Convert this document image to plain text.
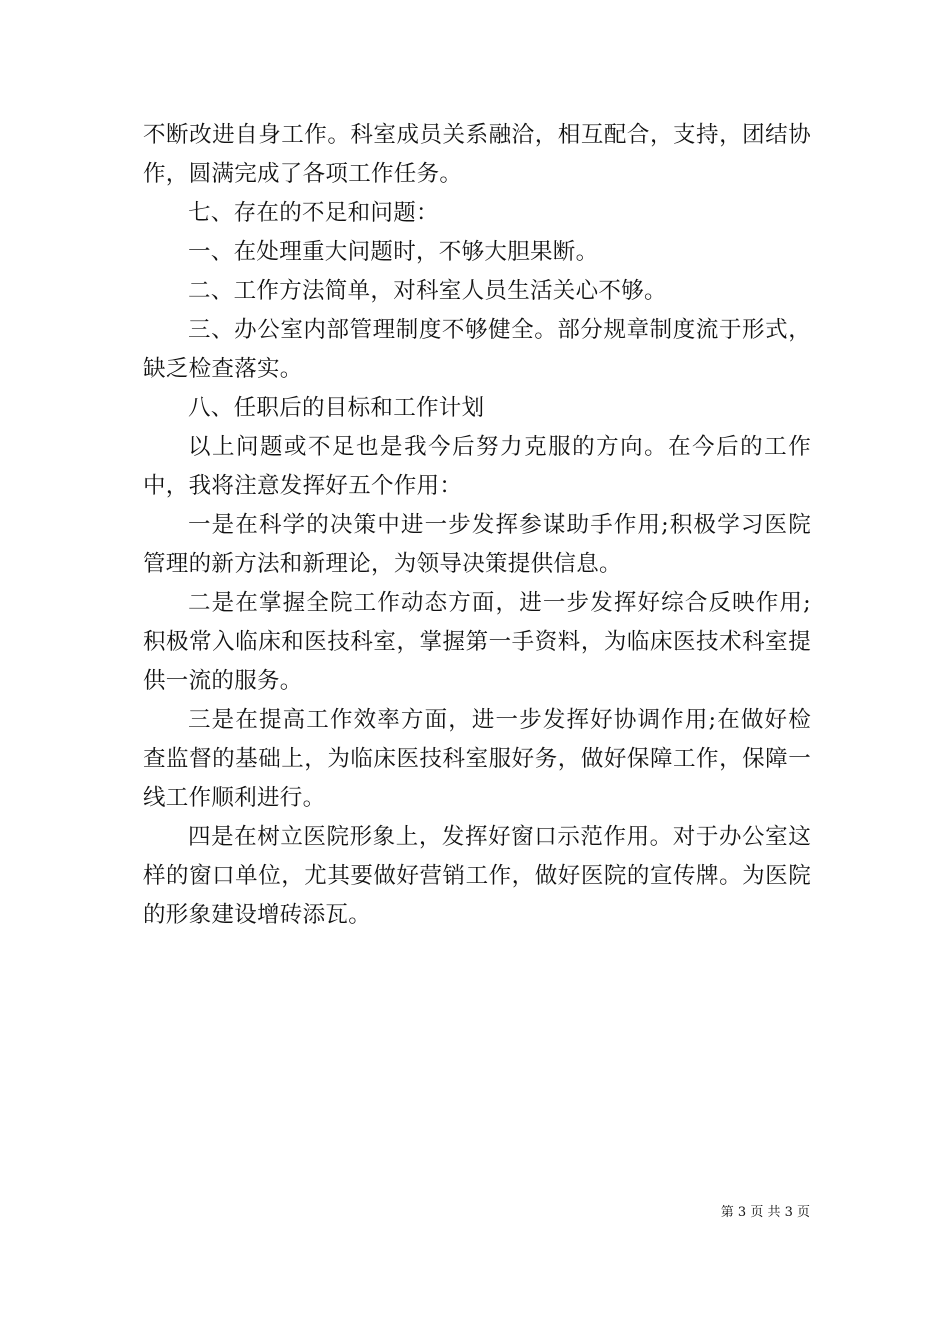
不断改进自身工作。科室成员关系融洽，相互配合，支持，团结协作，圆满完成了各项工作任务。

七、存在的不足和问题：

一、在处理重大问题时，不够大胆果断。

二、工作方法简单，对科室人员生活关心不够。

三、办公室内部管理制度不够健全。部分规章制度流于形式，缺乏检查落实。

八、任职后的目标和工作计划

以上问题或不足也是我今后努力克服的方向。在今后的工作中，我将注意发挥好五个作用：

一是在科学的决策中进一步发挥参谋助手作用;积极学习医院管理的新方法和新理论，为领导决策提供信息。

二是在掌握全院工作动态方面，进一步发挥好综合反映作用;积极常入临床和医技科室，掌握第一手资料，为临床医技术科室提供一流的服务。

三是在提高工作效率方面，进一步发挥好协调作用;在做好检查监督的基础上，为临床医技科室服好务，做好保障工作，保障一线工作顺利进行。

四是在树立医院形象上，发挥好窗口示范作用。对于办公室这样的窗口单位，尤其要做好营销工作，做好医院的宣传牌。为医院的形象建设增砖添瓦。

第 3 页 共 3 页
